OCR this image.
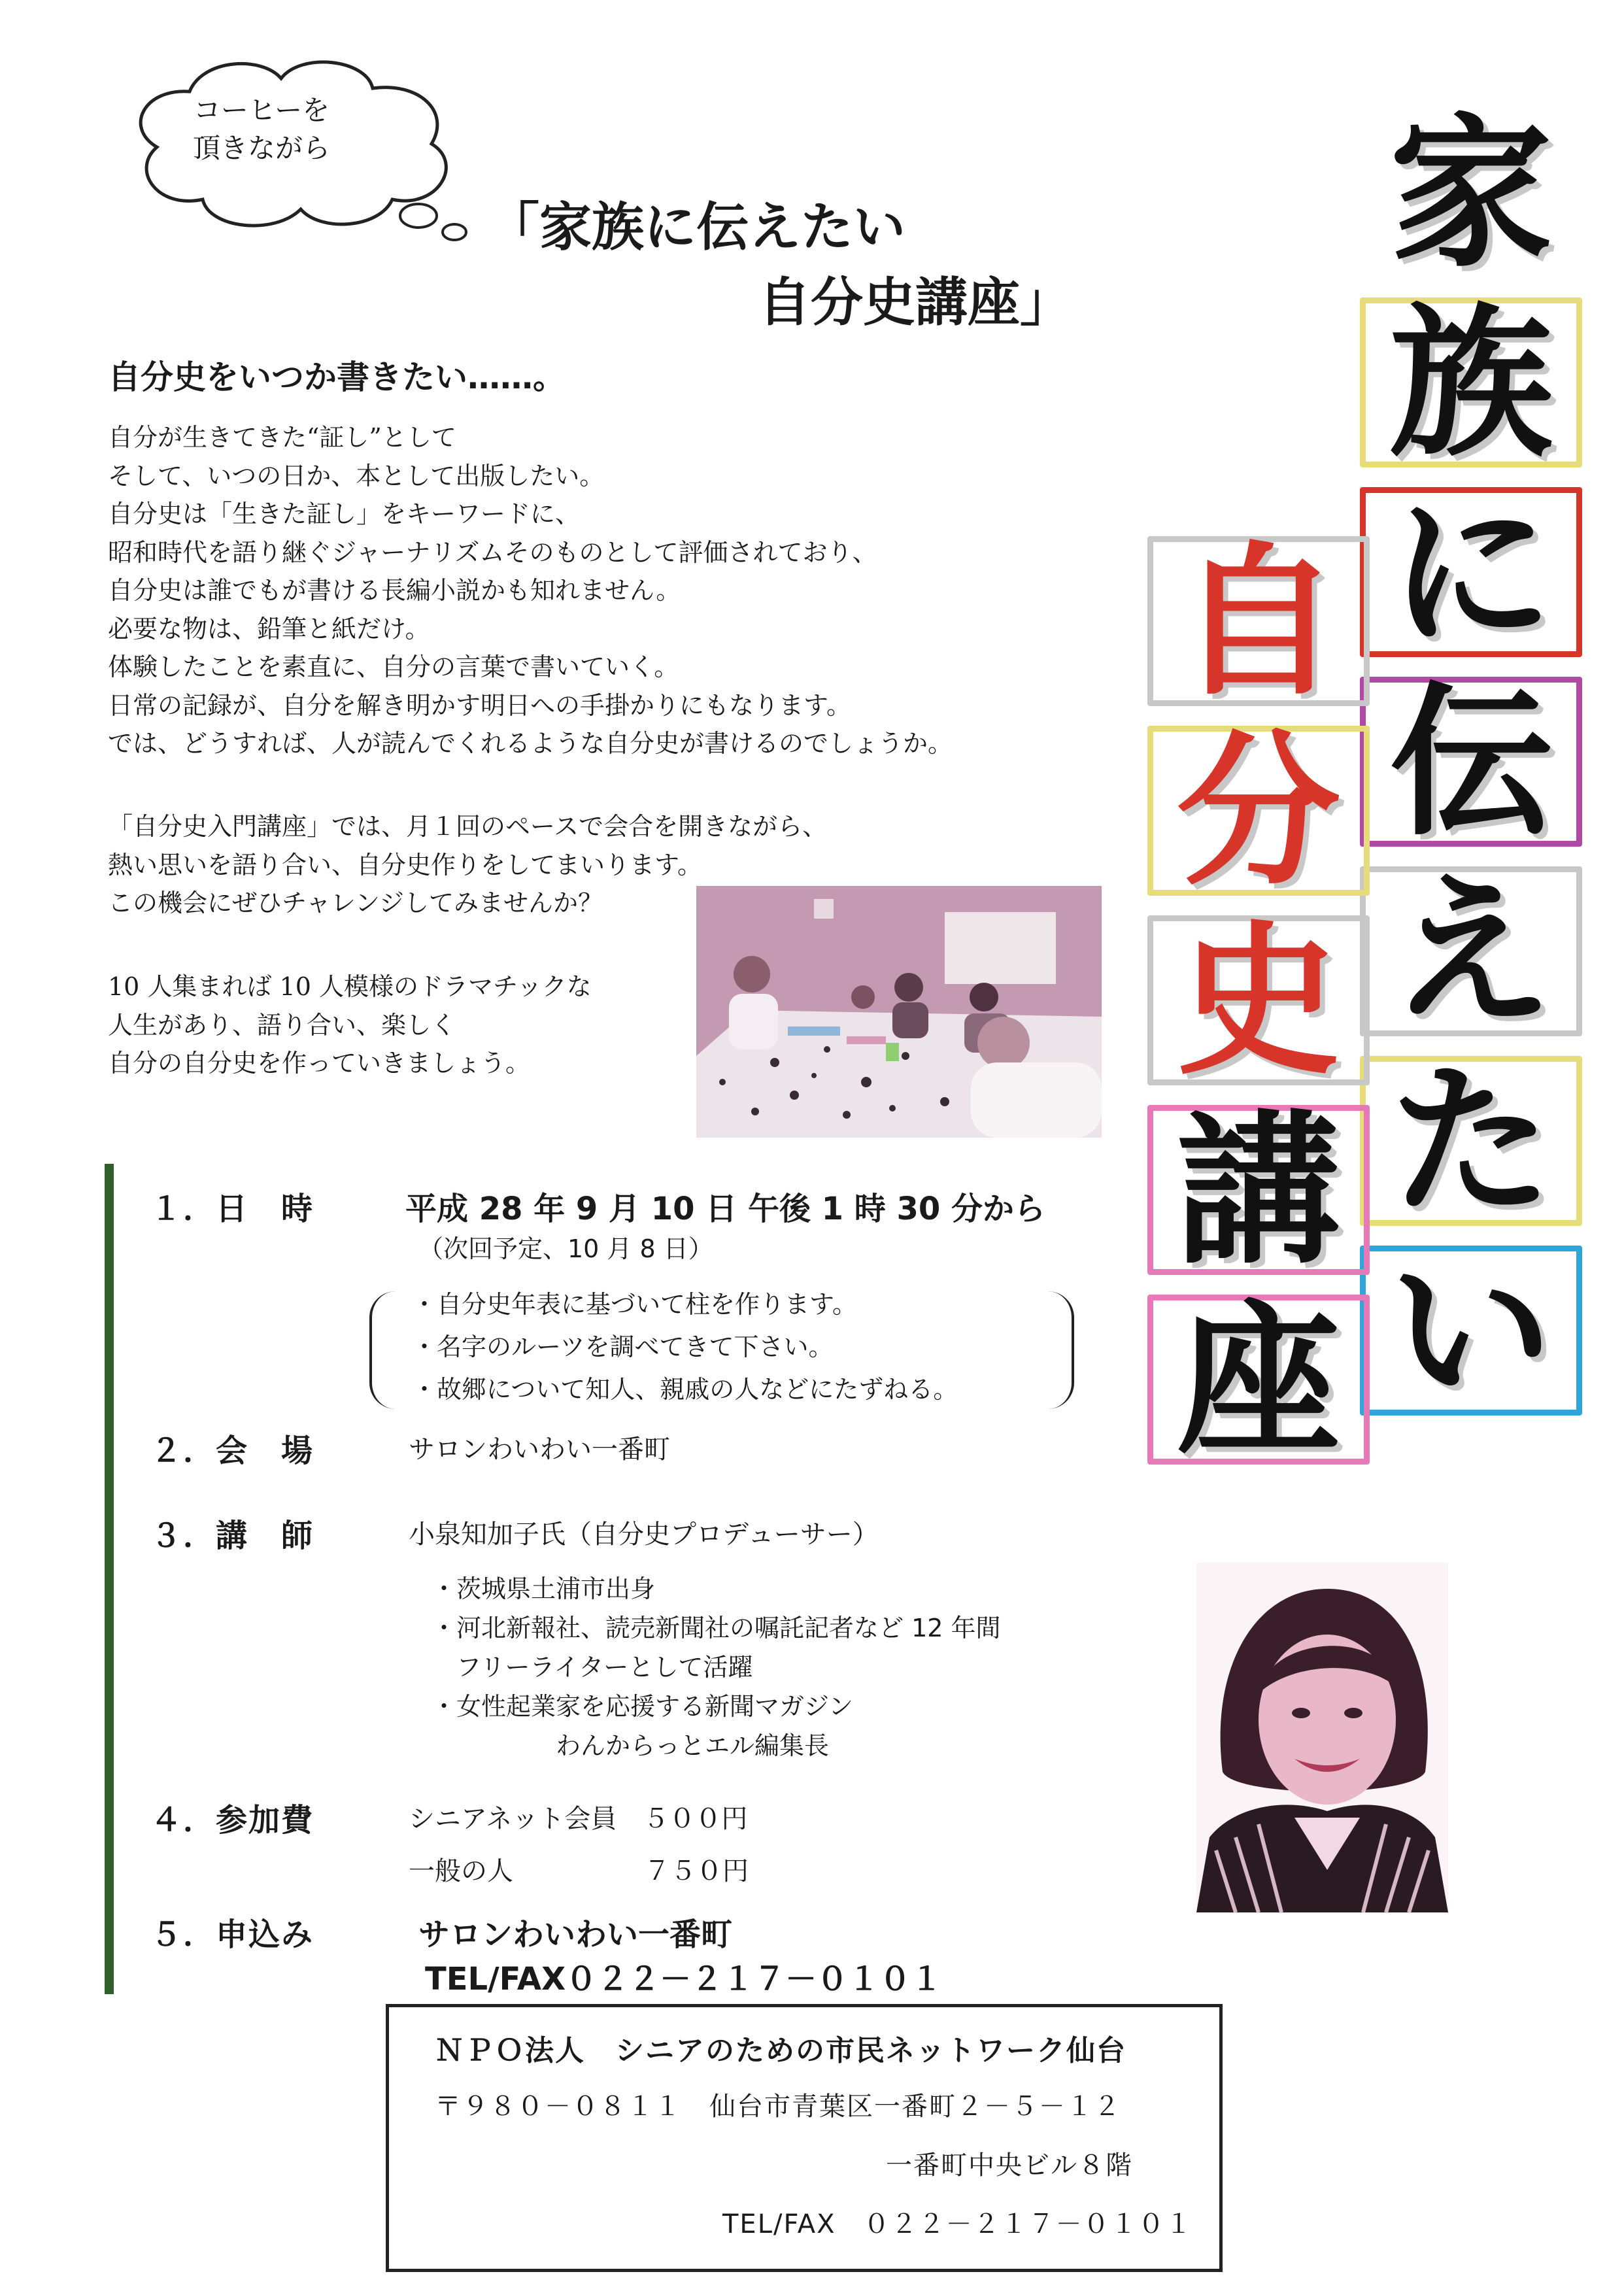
コーヒーを
頂きながら
「家族に伝えたい
自分史講座」
家
族
に
伝
え
た
い
自
分
史
講
座
自分史をいつか書きたい……。
自分が生きてきた“証し”として
そして、いつの日か、本として出版したい。
自分史は「生きた証し」をキーワードに、
昭和時代を語り継ぐジャーナリズムそのものとして評価されており、
自分史は誰でもが書ける長編小説かも知れません。
必要な物は、鉛筆と紙だけ。
体験したことを素直に、自分の言葉で書いていく。
日常の記録が、自分を解き明かす明日への手掛かりにもなります。
では、どうすれば、人が読んでくれるような自分史が書けるのでしょうか。
「自分史入門講座」では、月１回のペースで会合を開きながら、
熱い思いを語り合い、自分史作りをしてまいります。
この機会にぜひチャレンジしてみませんか？
10 人集まれば 10 人模様のドラマチックな
人生があり、語り合い、楽しく
自分の自分史を作っていきましょう。
１．日　時	平成 28 年 9 月 10 日 午後 1 時 30 分から
（次回予定、10 月 8 日）
・自分史年表に基づいて柱を作ります。
・名字のルーツを調べてきて下さい。
・故郷について知人、親戚の人などにたずねる。
２．会　場	サロンわいわい一番町
３．講　師	小泉知加子氏（自分史プロデューサー）
・茨城県土浦市出身
・河北新報社、読売新聞社の嘱託記者など 12 年間
　フリーライターとして活躍
・女性起業家を応援する新聞マガジン
　　　　　わんからっとエル編集長
４．参加費	シニアネット会員　５００円
一般の人　　　　　７５０円
５．申込み	サロンわいわい一番町
TEL/FAX０２２－２１７－０１０１
ＮＰＯ法人　シニアのための市民ネットワーク仙台
〒９８０－０８１１　仙台市青葉区一番町２－５－１２
一番町中央ビル８階
TEL/FAX　０２２－２１７－０１０１
